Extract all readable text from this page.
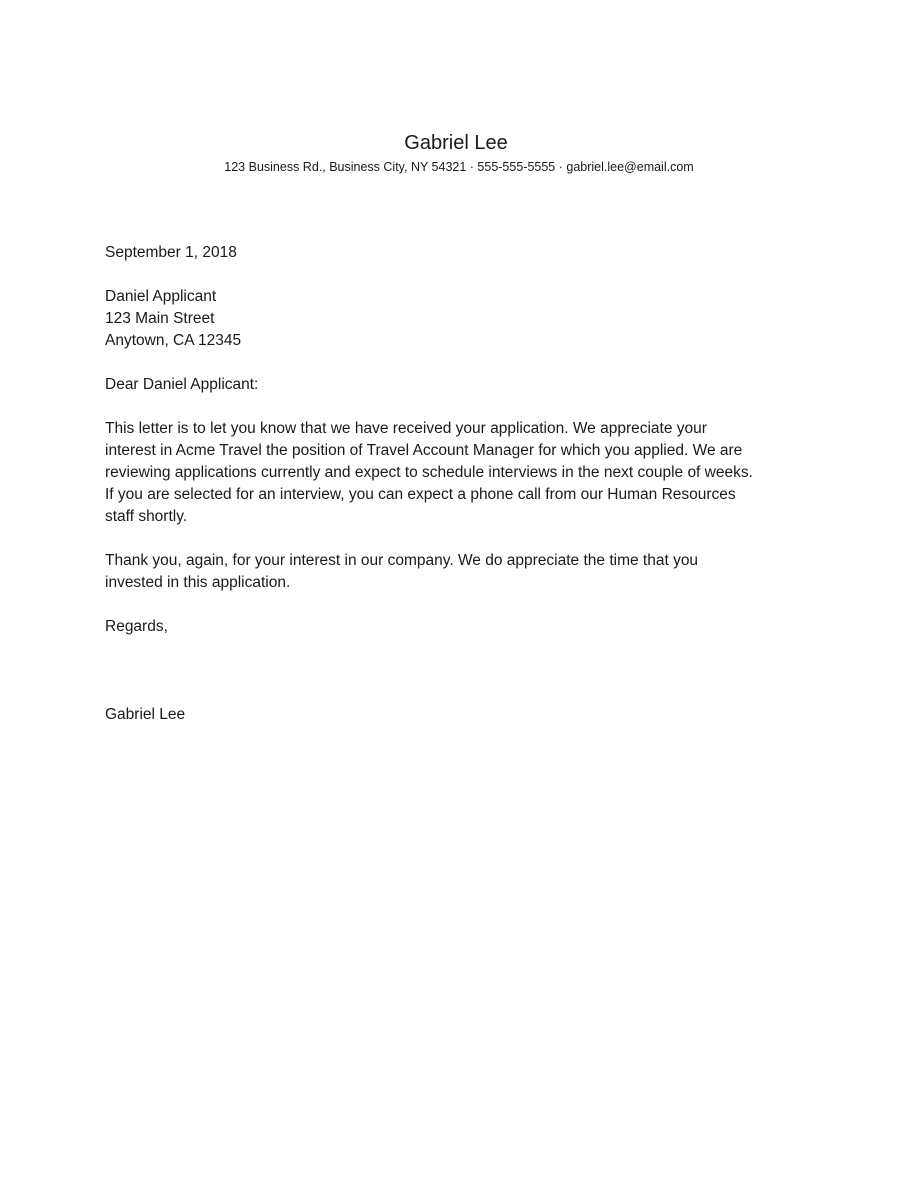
Gabriel Lee
123 Business Rd., Business City, NY 54321 · 555-555-5555 · gabriel.lee@email.com
September 1, 2018
Daniel Applicant
123 Main Street
Anytown, CA 12345
Dear Daniel Applicant:
This letter is to let you know that we have received your application. We appreciate your
interest in Acme Travel the position of Travel Account Manager for which you applied. We are
reviewing applications currently and expect to schedule interviews in the next couple of weeks.
If you are selected for an interview, you can expect a phone call from our Human Resources
staff shortly.
Thank you, again, for your interest in our company. We do appreciate the time that you
invested in this application.
Regards,
Gabriel Lee
